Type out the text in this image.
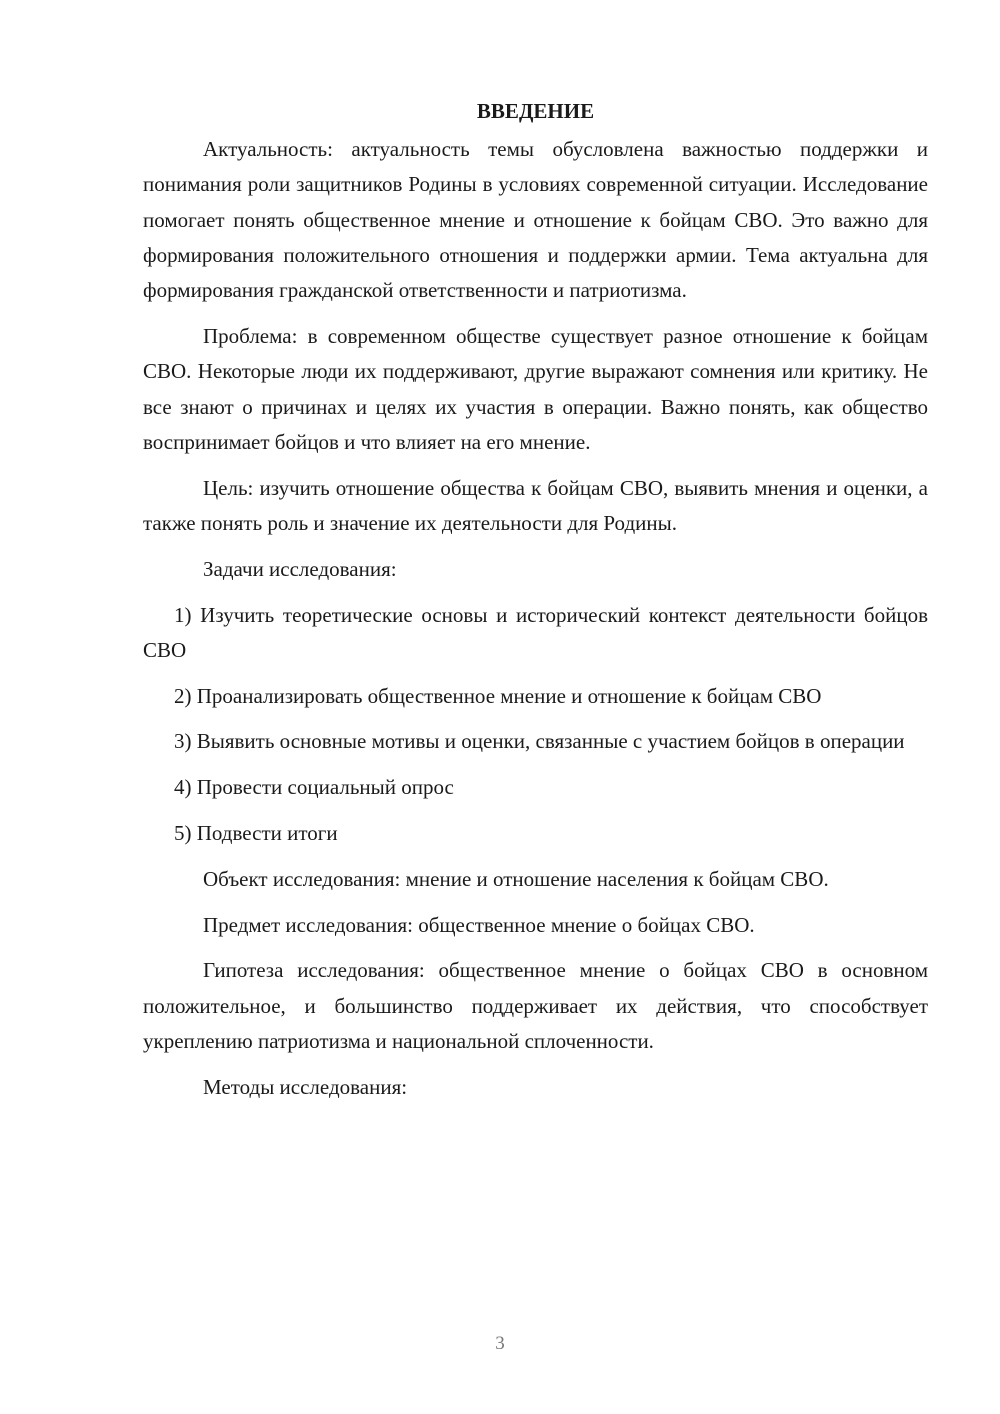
ВВЕДЕНИЕ

Актуальность: актуальность темы обусловлена важностью поддержки и понимания роли защитников Родины в условиях современной ситуации. Исследование помогает понять общественное мнение и отношение к бойцам СВО. Это важно для формирования положительного отношения и поддержки армии. Тема актуальна для формирования гражданской ответственности и патриотизма.

Проблема: в современном обществе существует разное отношение к бойцам СВО. Некоторые люди их поддерживают, другие выражают сомнения или критику. Не все знают о причинах и целях их участия в операции. Важно понять, как общество воспринимает бойцов и что влияет на его мнение.

Цель: изучить отношение общества к бойцам СВО, выявить мнения и оценки, а также понять роль и значение их деятельности для Родины.

Задачи исследования:

1) Изучить теоретические основы и исторический контекст деятельности бойцов СВО

2) Проанализировать общественное мнение и отношение к бойцам СВО

3) Выявить основные мотивы и оценки, связанные с участием бойцов в операции

4) Провести социальный опрос

5) Подвести итоги

Объект исследования: мнение и отношение населения к бойцам СВО.

Предмет исследования: общественное мнение о бойцах СВО.

Гипотеза исследования: общественное мнение о бойцах СВО в основном положительное, и большинство поддерживает их действия, что способствует укреплению патриотизма и национальной сплоченности.

Методы исследования:

3
